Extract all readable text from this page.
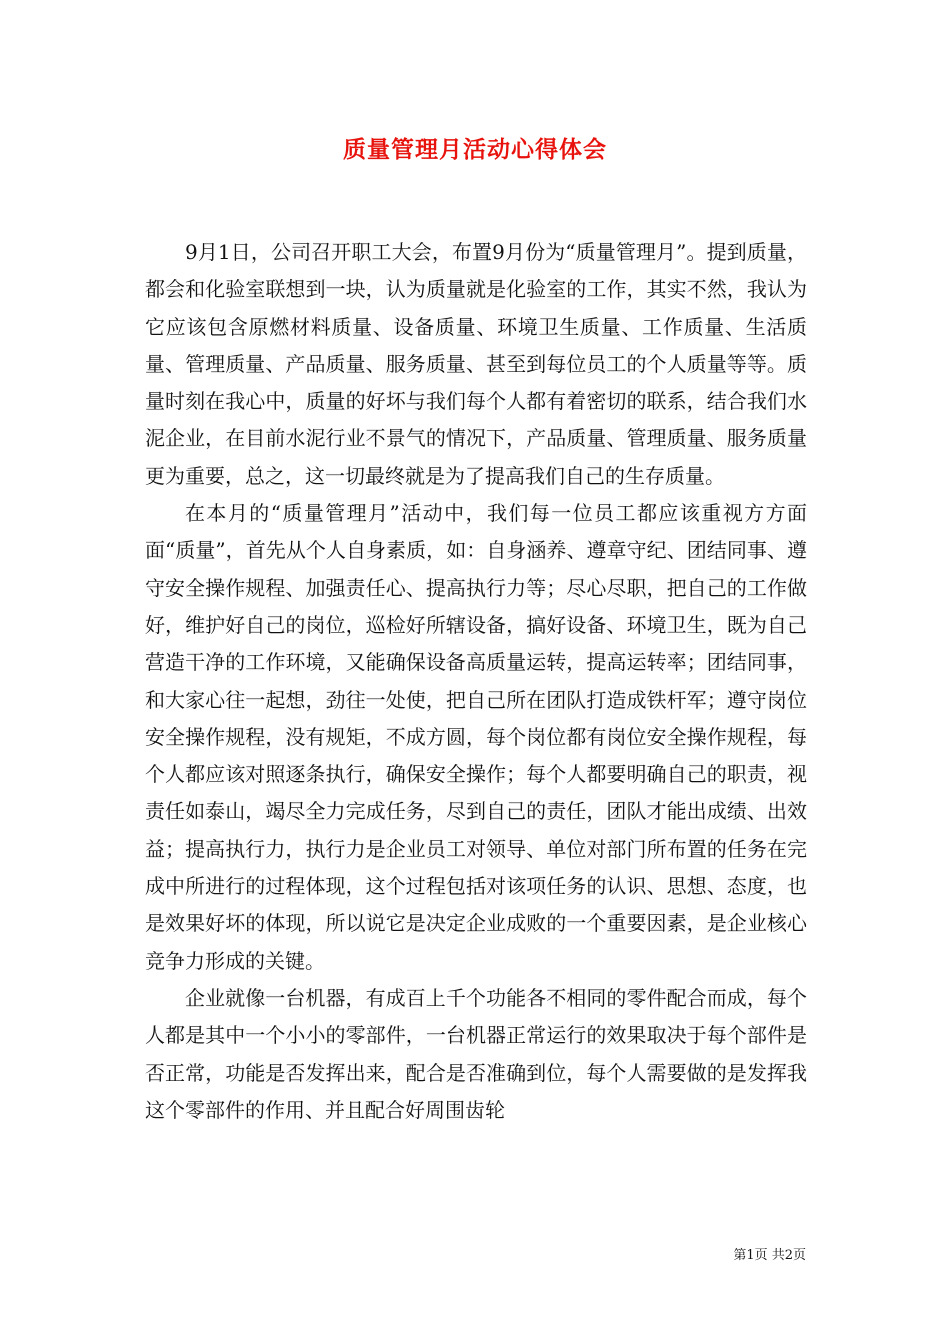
质量管理月活动心得体会

9月1日，公司召开职工大会，布置9月份为“质量管理月”。提到质量，都会和化验室联想到一块，认为质量就是化验室的工作，其实不然，我认为它应该包含原燃材料质量、设备质量、环境卫生质量、工作质量、生活质量、管理质量、产品质量、服务质量、甚至到每位员工的个人质量等等。质量时刻在我心中，质量的好坏与我们每个人都有着密切的联系，结合我们水泥企业，在目前水泥行业不景气的情况下，产品质量、管理质量、服务质量更为重要，总之，这一切最终就是为了提高我们自己的生存质量。

在本月的“质量管理月”活动中，我们每一位员工都应该重视方方面面“质量”，首先从个人自身素质，如：自身涵养、遵章守纪、团结同事、遵守安全操作规程、加强责任心、提高执行力等；尽心尽职，把自己的工作做好，维护好自己的岗位，巡检好所辖设备，搞好设备、环境卫生，既为自己营造干净的工作环境，又能确保设备高质量运转，提高运转率；团结同事，和大家心往一起想，劲往一处使，把自己所在团队打造成铁杆军；遵守岗位安全操作规程，没有规矩，不成方圆，每个岗位都有岗位安全操作规程，每个人都应该对照逐条执行，确保安全操作；每个人都要明确自己的职责，视责任如泰山，竭尽全力完成任务，尽到自己的责任，团队才能出成绩、出效益；提高执行力，执行力是企业员工对领导、单位对部门所布置的任务在完成中所进行的过程体现，这个过程包括对该项任务的认识、思想、态度，也是效果好坏的体现，所以说它是决定企业成败的一个重要因素，是企业核心竞争力形成的关键。

企业就像一台机器，有成百上千个功能各不相同的零件配合而成，每个人都是其中一个小小的零部件，一台机器正常运行的效果取决于每个部件是否正常，功能是否发挥出来，配合是否准确到位，每个人需要做的是发挥我这个零部件的作用、并且配合好周围齿轮

第1页 共2页
